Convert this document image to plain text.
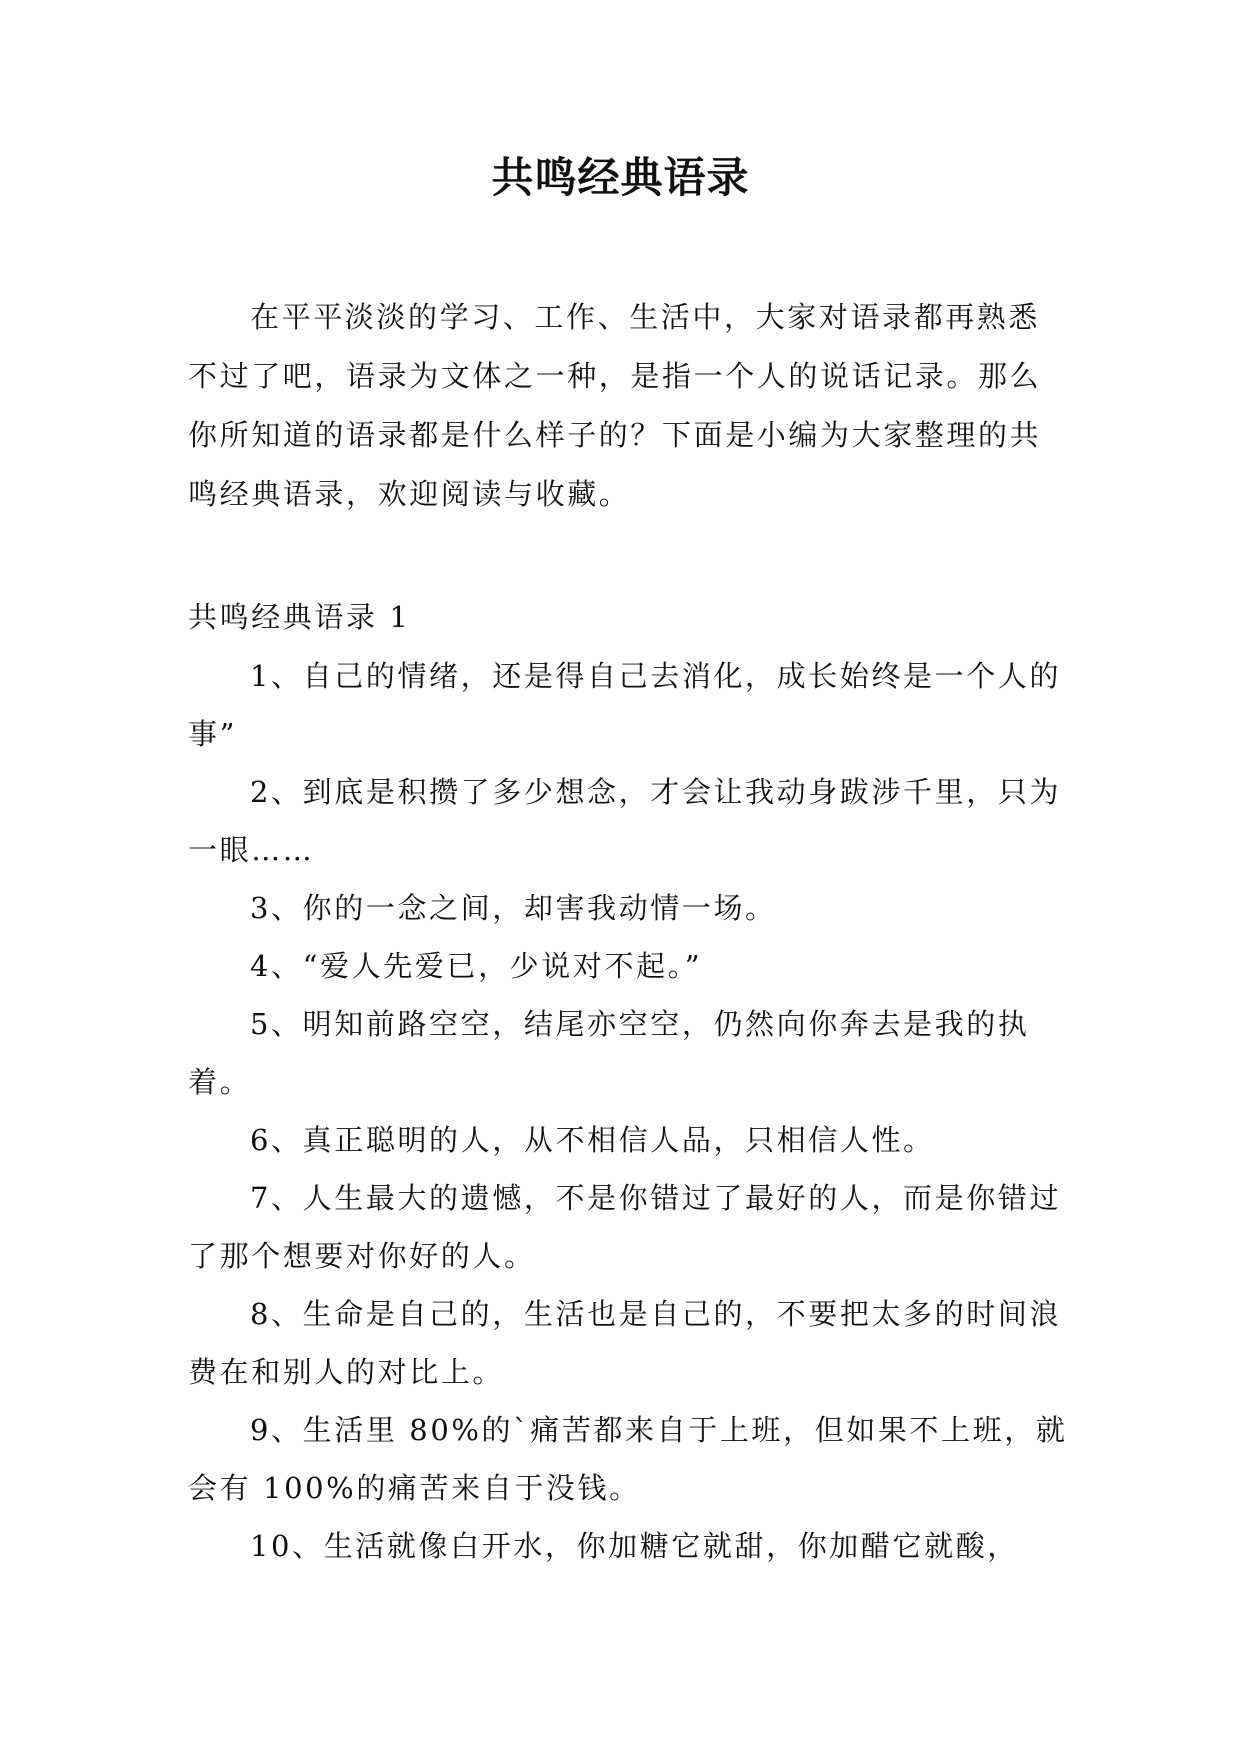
共鸣经典语录

在平平淡淡的学习、工作、生活中，大家对语录都再熟悉不过了吧，语录为文体之一种，是指一个人的说话记录。那么你所知道的语录都是什么样子的？下面是小编为大家整理的共鸣经典语录，欢迎阅读与收藏。

共鸣经典语录 1

1、自己的情绪，还是得自己去消化，成长始终是一个人的事”

2、到底是积攒了多少想念，才会让我动身跋涉千里，只为一眼……

3、你的一念之间，却害我动情一场。

4、“爱人先爱已，少说对不起。”

5、明知前路空空，结尾亦空空，仍然向你奔去是我的执着。

6、真正聪明的人，从不相信人品，只相信人性。

7、人生最大的遗憾，不是你错过了最好的人，而是你错过了那个想要对你好的人。

8、生命是自己的，生活也是自己的，不要把太多的时间浪费在和别人的对比上。

9、生活里 80%的`痛苦都来自于上班，但如果不上班，就会有 100%的痛苦来自于没钱。

10、生活就像白开水，你加糖它就甜，你加醋它就酸，
